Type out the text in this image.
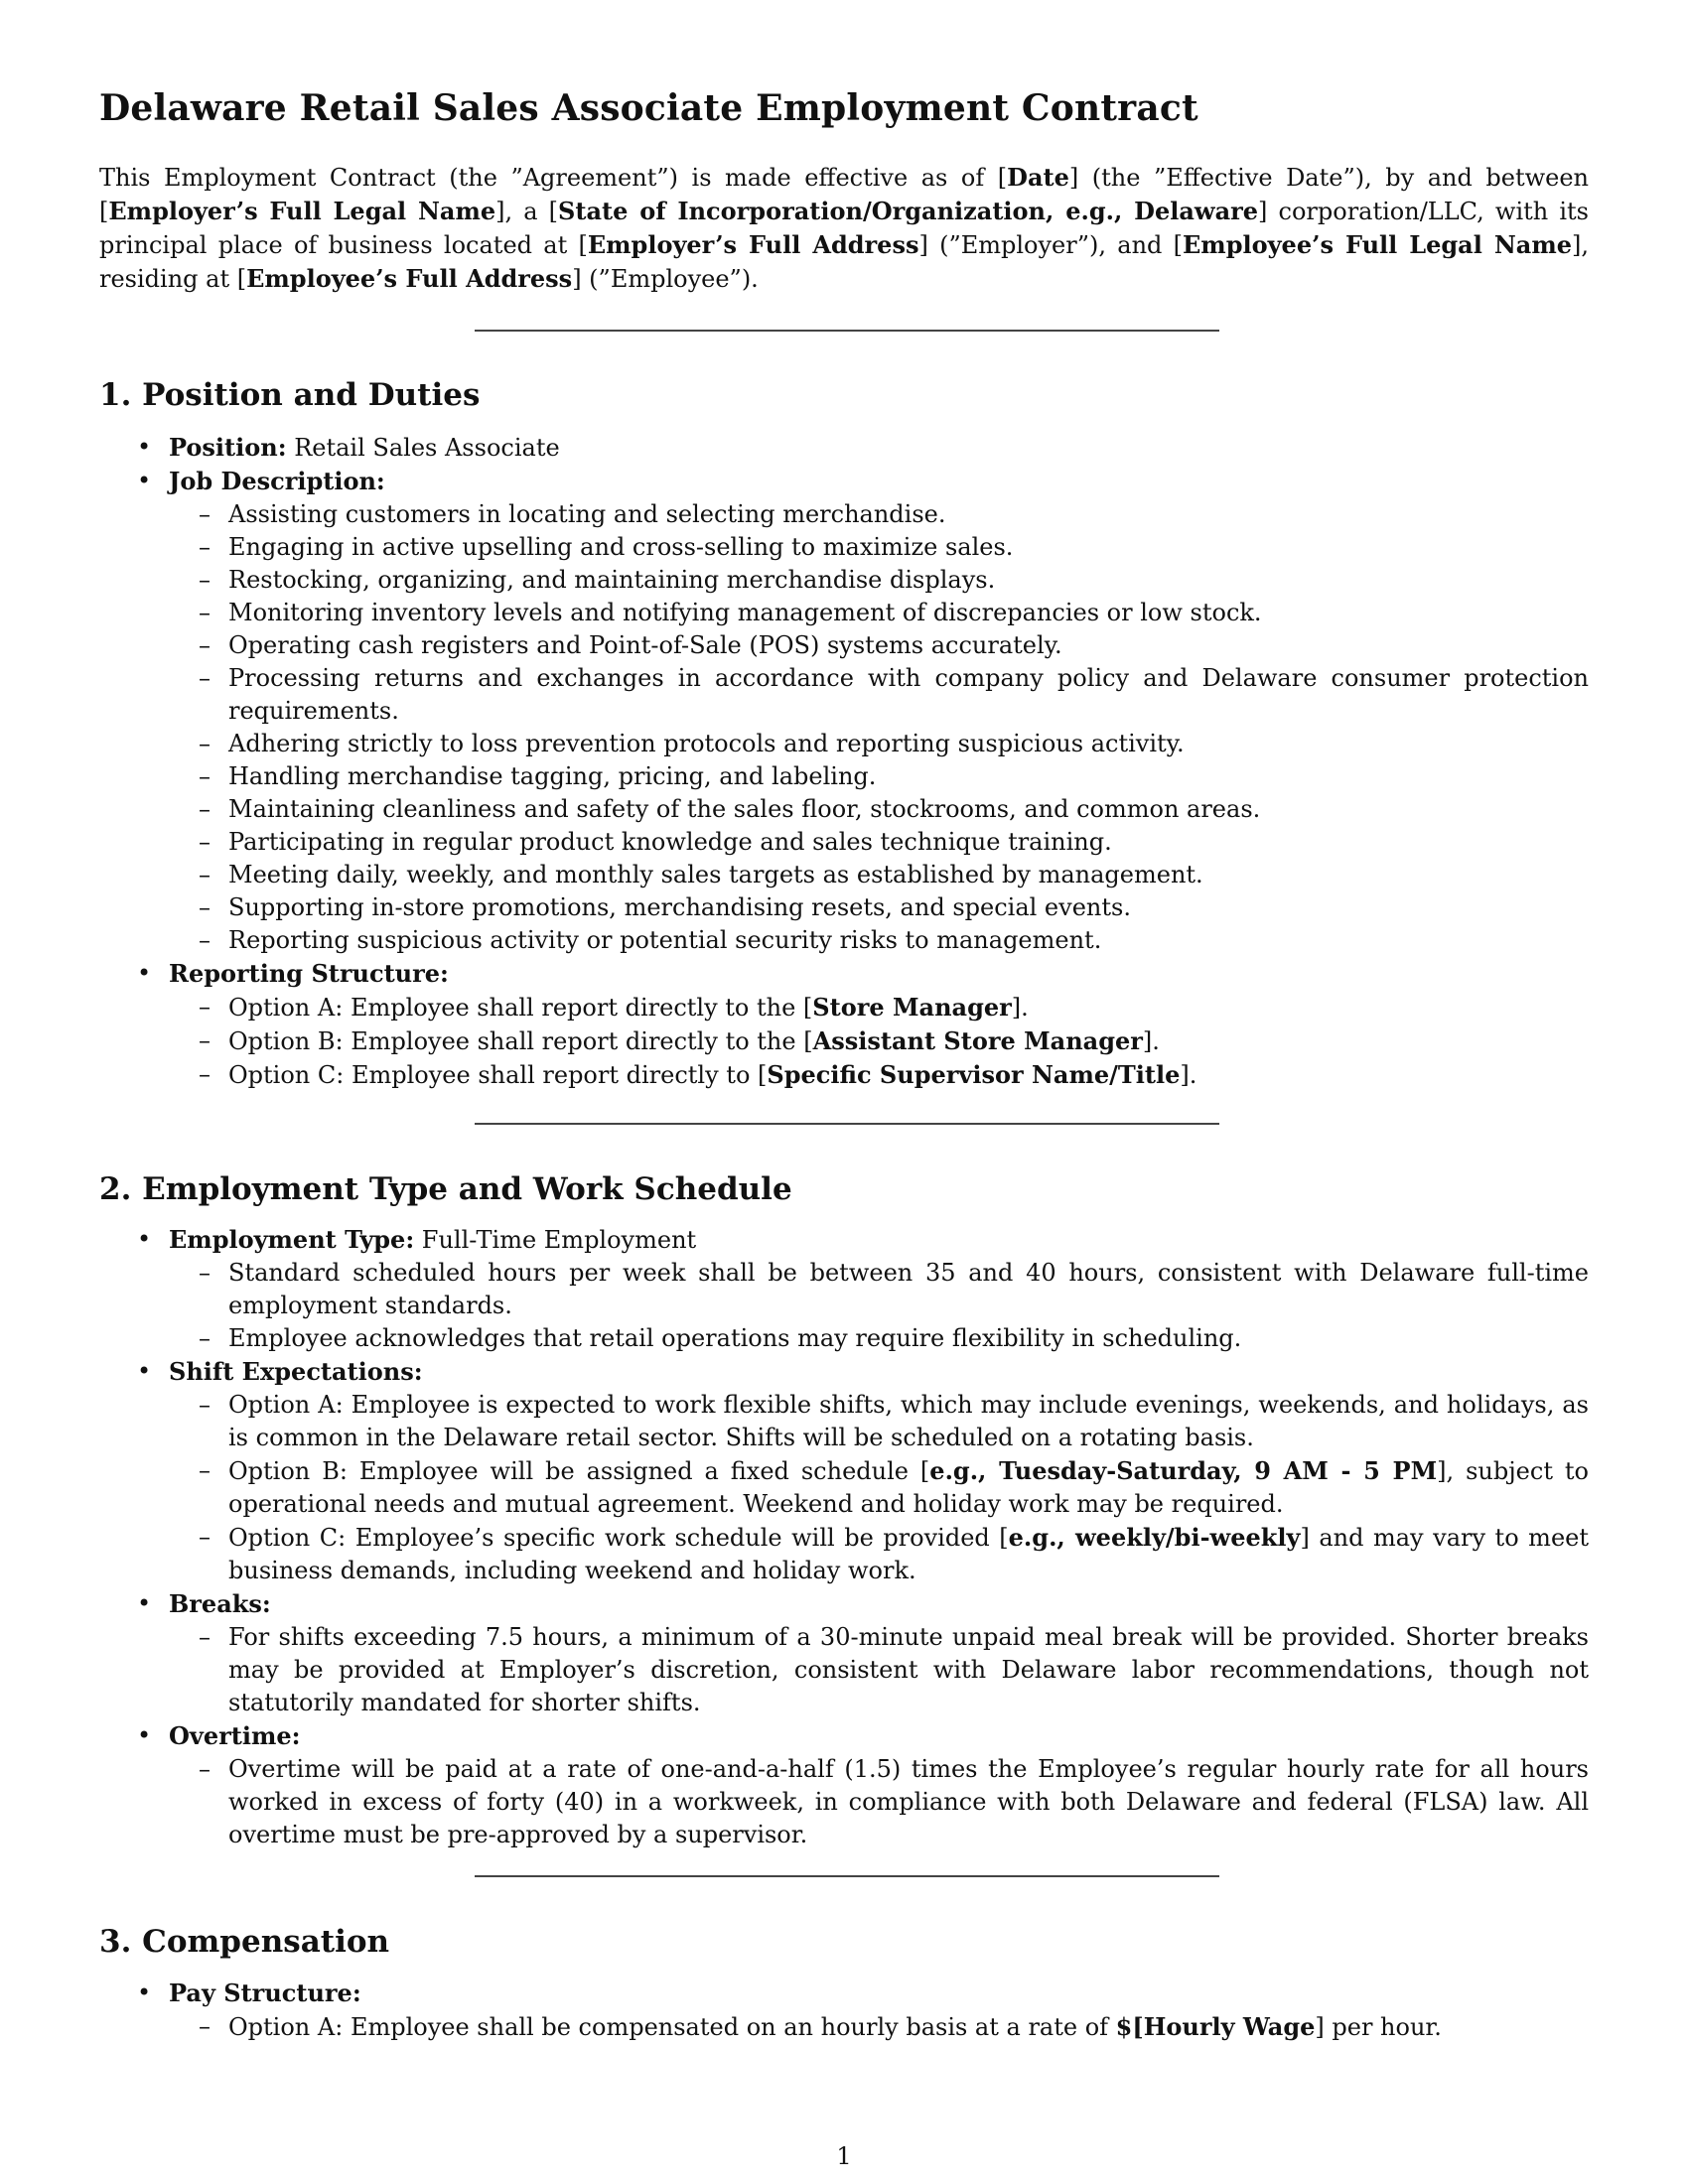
Delaware Retail Sales Associate Employment Contract

This Employment Contract (the ”Agreement”) is made effective as of [Date] (the ”Effective Date”), by and between [Employer’s Full Legal Name], a [State of Incorporation/Organization, e.g., Delaware] corporation/LLC, with its principal place of business located at [Employer’s Full Address] (”Employer”), and [Employee’s Full Legal Name], residing at [Employee’s Full Address] (”Employee”).

1. Position and Duties
• Position: Retail Sales Associate
• Job Description:
– Assisting customers in locating and selecting merchandise.
– Engaging in active upselling and cross-selling to maximize sales.
– Restocking, organizing, and maintaining merchandise displays.
– Monitoring inventory levels and notifying management of discrepancies or low stock.
– Operating cash registers and Point-of-Sale (POS) systems accurately.
– Processing returns and exchanges in accordance with company policy and Delaware consumer protection requirements.
– Adhering strictly to loss prevention protocols and reporting suspicious activity.
– Handling merchandise tagging, pricing, and labeling.
– Maintaining cleanliness and safety of the sales floor, stockrooms, and common areas.
– Participating in regular product knowledge and sales technique training.
– Meeting daily, weekly, and monthly sales targets as established by management.
– Supporting in-store promotions, merchandising resets, and special events.
– Reporting suspicious activity or potential security risks to management.
• Reporting Structure:
– Option A: Employee shall report directly to the [Store Manager].
– Option B: Employee shall report directly to the [Assistant Store Manager].
– Option C: Employee shall report directly to [Specific Supervisor Name/Title].
2. Employment Type and Work Schedule
• Employment Type: Full-Time Employment
– Standard scheduled hours per week shall be between 35 and 40 hours, consistent with Delaware full-time employment standards.
– Employee acknowledges that retail operations may require flexibility in scheduling.
• Shift Expectations:
– Option A: Employee is expected to work flexible shifts, which may include evenings, weekends, and holidays, as is common in the Delaware retail sector. Shifts will be scheduled on a rotating basis.
– Option B: Employee will be assigned a fixed schedule [e.g., Tuesday-Saturday, 9 AM - 5 PM], subject to operational needs and mutual agreement. Weekend and holiday work may be required.
– Option C: Employee’s specific work schedule will be provided [e.g., weekly/bi-weekly] and may vary to meet business demands, including weekend and holiday work.
• Breaks:
– For shifts exceeding 7.5 hours, a minimum of a 30-minute unpaid meal break will be provided. Shorter breaks may be provided at Employer’s discretion, consistent with Delaware labor recommendations, though not statutorily mandated for shorter shifts.
• Overtime:
– Overtime will be paid at a rate of one-and-a-half (1.5) times the Employee’s regular hourly rate for all hours worked in excess of forty (40) in a workweek, in compliance with both Delaware and federal (FLSA) law. All overtime must be pre-approved by a supervisor.
3. Compensation
• Pay Structure:
– Option A: Employee shall be compensated on an hourly basis at a rate of $[Hourly Wage] per hour.
1
